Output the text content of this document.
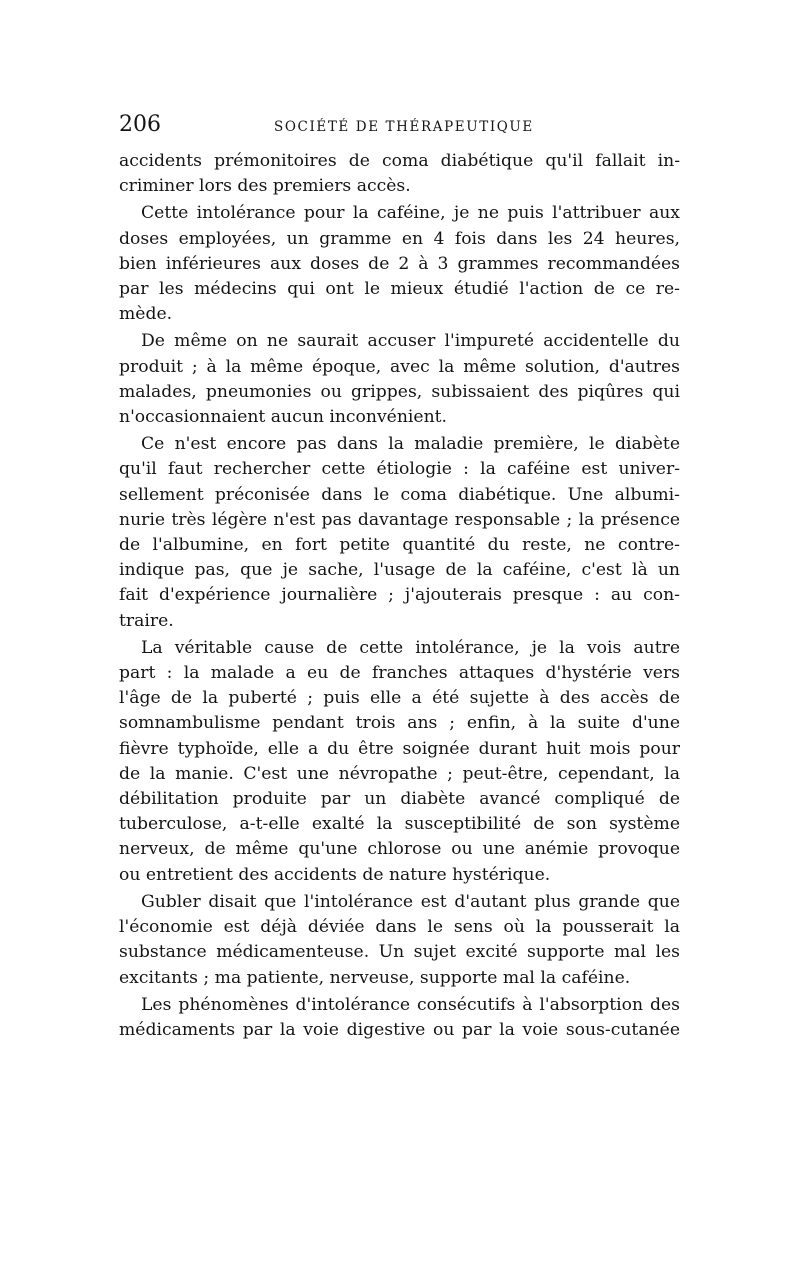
206	SOCIÉTÉ DE THÉRAPEUTIQUE

accidents prémonitoires de coma diabétique qu'il fallait in-
criminer lors des premiers accès.

Cette intolérance pour la caféine, je ne puis l'attribuer aux
doses employées, un gramme en 4 fois dans les 24 heures,
bien inférieures aux doses de 2 à 3 grammes recommandées
par les médecins qui ont le mieux étudié l'action de ce re-
mède.

De même on ne saurait accuser l'impureté accidentelle du
produit ; à la même époque, avec la même solution, d'autres
malades, pneumonies ou grippes, subissaient des piqûres qui
n'occasionnaient aucun inconvénient.

Ce n'est encore pas dans la maladie première, le diabète
qu'il faut rechercher cette étiologie : la caféine est univer-
sellement préconisée dans le coma diabétique. Une albumi-
nurie très légère n'est pas davantage responsable ; la présence
de l'albumine, en fort petite quantité du reste, ne contre-
indique pas, que je sache, l'usage de la caféine, c'est là un
fait d'expérience journalière ; j'ajouterais presque : au con-
traire.

La véritable cause de cette intolérance, je la vois autre
part : la malade a eu de franches attaques d'hystérie vers
l'âge de la puberté ; puis elle a été sujette à des accès de
somnambulisme pendant trois ans ; enfin, à la suite d'une
fièvre typhoïde, elle a du être soignée durant huit mois pour
de la manie. C'est une névropathe ; peut-être, cependant, la
débilitation produite par un diabète avancé compliqué de
tuberculose, a-t-elle exalté la susceptibilité de son système
nerveux, de même qu'une chlorose ou une anémie provoque
ou entretient des accidents de nature hystérique.

Gubler disait que l'intolérance est d'autant plus grande que
l'économie est déjà déviée dans le sens où la pousserait la
substance médicamenteuse. Un sujet excité supporte mal les
excitants ; ma patiente, nerveuse, supporte mal la caféine.

Les phénomènes d'intolérance consécutifs à l'absorption des
médicaments par la voie digestive ou par la voie sous-cutanée
